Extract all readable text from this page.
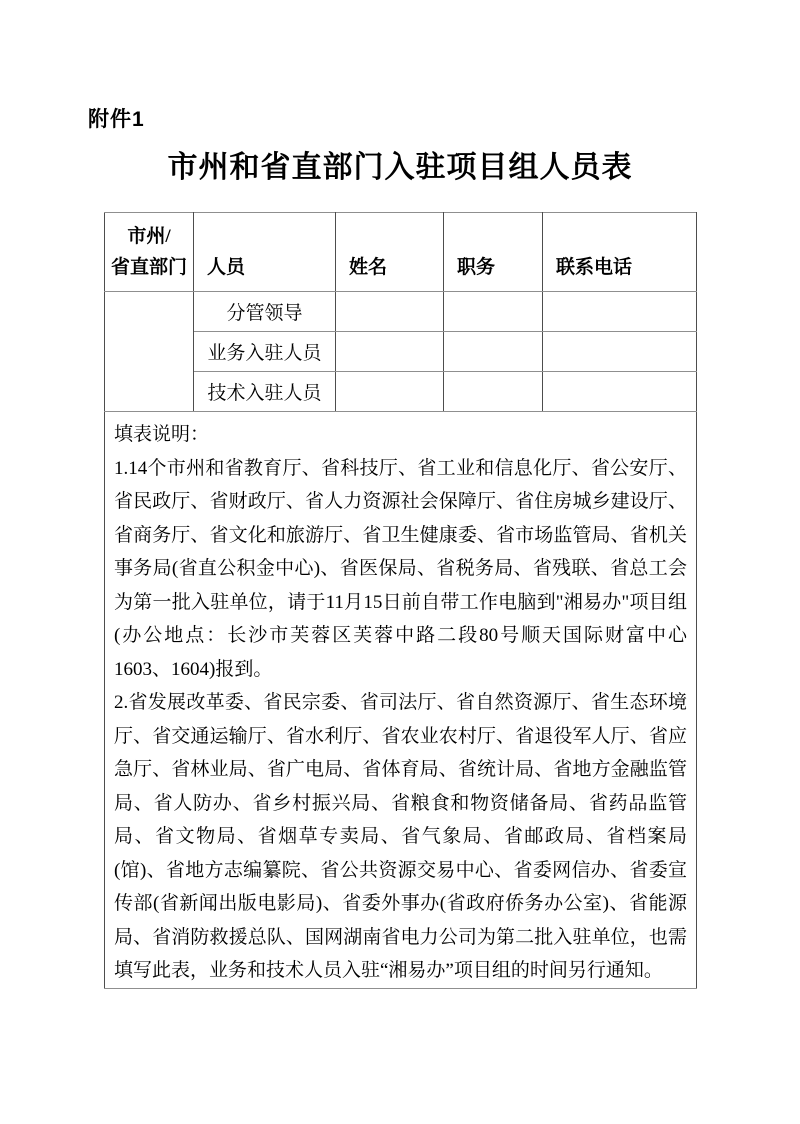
附件1
市州和省直部门入驻项目组人员表
市州/
省直部门	人员	姓名	职务	联系电话
	分管领导			
	业务入驻人员			
	技术入驻人员			

填表说明：

1.14个市州和省教育厅、省科技厅、省工业和信息化厅、省公安厅、省民政厅、省财政厅、省人力资源社会保障厅、省住房城乡建设厅、省商务厅、省文化和旅游厅、省卫生健康委、省市场监管局、省机关事务局(省直公积金中心)、省医保局、省税务局、省残联、省总工会为第一批入驻单位，请于11月15日前自带工作电脑到"湘易办"项目组(办公地点：长沙市芙蓉区芙蓉中路二段80号顺天国际财富中心1603、1604)报到。

2.省发展改革委、省民宗委、省司法厅、省自然资源厅、省生态环境厅、省交通运输厅、省水利厅、省农业农村厅、省退役军人厅、省应急厅、省林业局、省广电局、省体育局、省统计局、省地方金融监管局、省人防办、省乡村振兴局、省粮食和物资储备局、省药品监管局、省文物局、省烟草专卖局、省气象局、省邮政局、省档案局(馆)、省地方志编纂院、省公共资源交易中心、省委网信办、省委宣传部(省新闻出版电影局)、省委外事办(省政府侨务办公室)、省能源局、省消防救援总队、国网湖南省电力公司为第二批入驻单位，也需填写此表，业务和技术人员入驻“湘易办”项目组的时间另行通知。				
